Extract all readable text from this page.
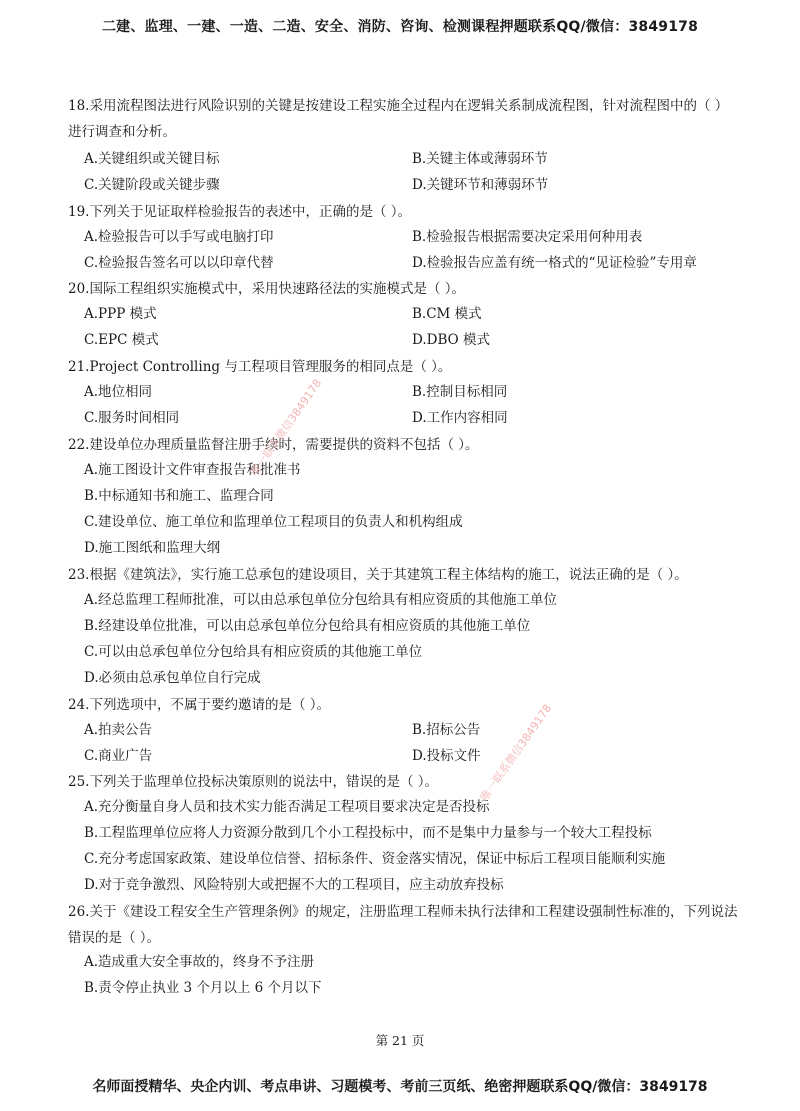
二建、监理、一建、一造、二造、安全、消防、咨询、检测课程押题联系QQ/微信：3849178
18.采用流程图法进行风险识别的关键是按建设工程实施全过程内在逻辑关系制成流程图，针对流程图中的（ ）进行调查和分析。
A.关键组织或关键目标	B.关键主体或薄弱环节
C.关键阶段或关键步骤	D.关键环节和薄弱环节
19.下列关于见证取样检验报告的表述中，正确的是（ ）。
A.检验报告可以手写或电脑打印	B.检验报告根据需要决定采用何种用表
C.检验报告签名可以以印章代替	D.检验报告应盖有统一格式的“见证检验”专用章
20.国际工程组织实施模式中，采用快速路径法的实施模式是（ ）。
A.PPP 模式	B.CM 模式
C.EPC 模式	D.DBO 模式
21.Project Controlling 与工程项目管理服务的相同点是（ ）。
A.地位相同	B.控制目标相同
C.服务时间相同	D.工作内容相同
22.建设单位办理质量监督注册手续时，需要提供的资料不包括（ ）。
A.施工图设计文件审查报告和批准书
B.中标通知书和施工、监理合同
C.建设单位、施工单位和监理单位工程项目的负责人和机构组成
D.施工图纸和监理大纲
23.根据《建筑法》，实行施工总承包的建设项目，关于其建筑工程主体结构的施工，说法正确的是（ ）。
A.经总监理工程师批准，可以由总承包单位分包给具有相应资质的其他施工单位
B.经建设单位批准，可以由总承包单位分包给具有相应资质的其他施工单位
C.可以由总承包单位分包给具有相应资质的其他施工单位
D.必须由总承包单位自行完成
24.下列选项中，不属于要约邀请的是（ ）。
A.拍卖公告	B.招标公告
C.商业广告	D.投标文件
25.下列关于监理单位投标决策原则的说法中，错误的是（ ）。
A.充分衡量自身人员和技术实力能否满足工程项目要求决定是否投标
B.工程监理单位应将人力资源分散到几个小工程投标中，而不是集中力量参与一个较大工程投标
C.充分考虑国家政策、建设单位信誉、招标条件、资金落实情况，保证中标后工程项目能顺利实施
D.对于竞争激烈、风险特别大或把握不大的工程项目，应主动放弃投标
26.关于《建设工程安全生产管理条例》的规定，注册监理工程师未执行法律和工程建设强制性标准的，下列说法错误的是（ ）。
A.造成重大安全事故的，终身不予注册
B.责令停止执业 3 个月以上 6 个月以下
唯一联系微信3849178
唯一联系微信3849178
第 21 页
名师面授精华、央企内训、考点串讲、习题模考、考前三页纸、绝密押题联系QQ/微信：3849178
